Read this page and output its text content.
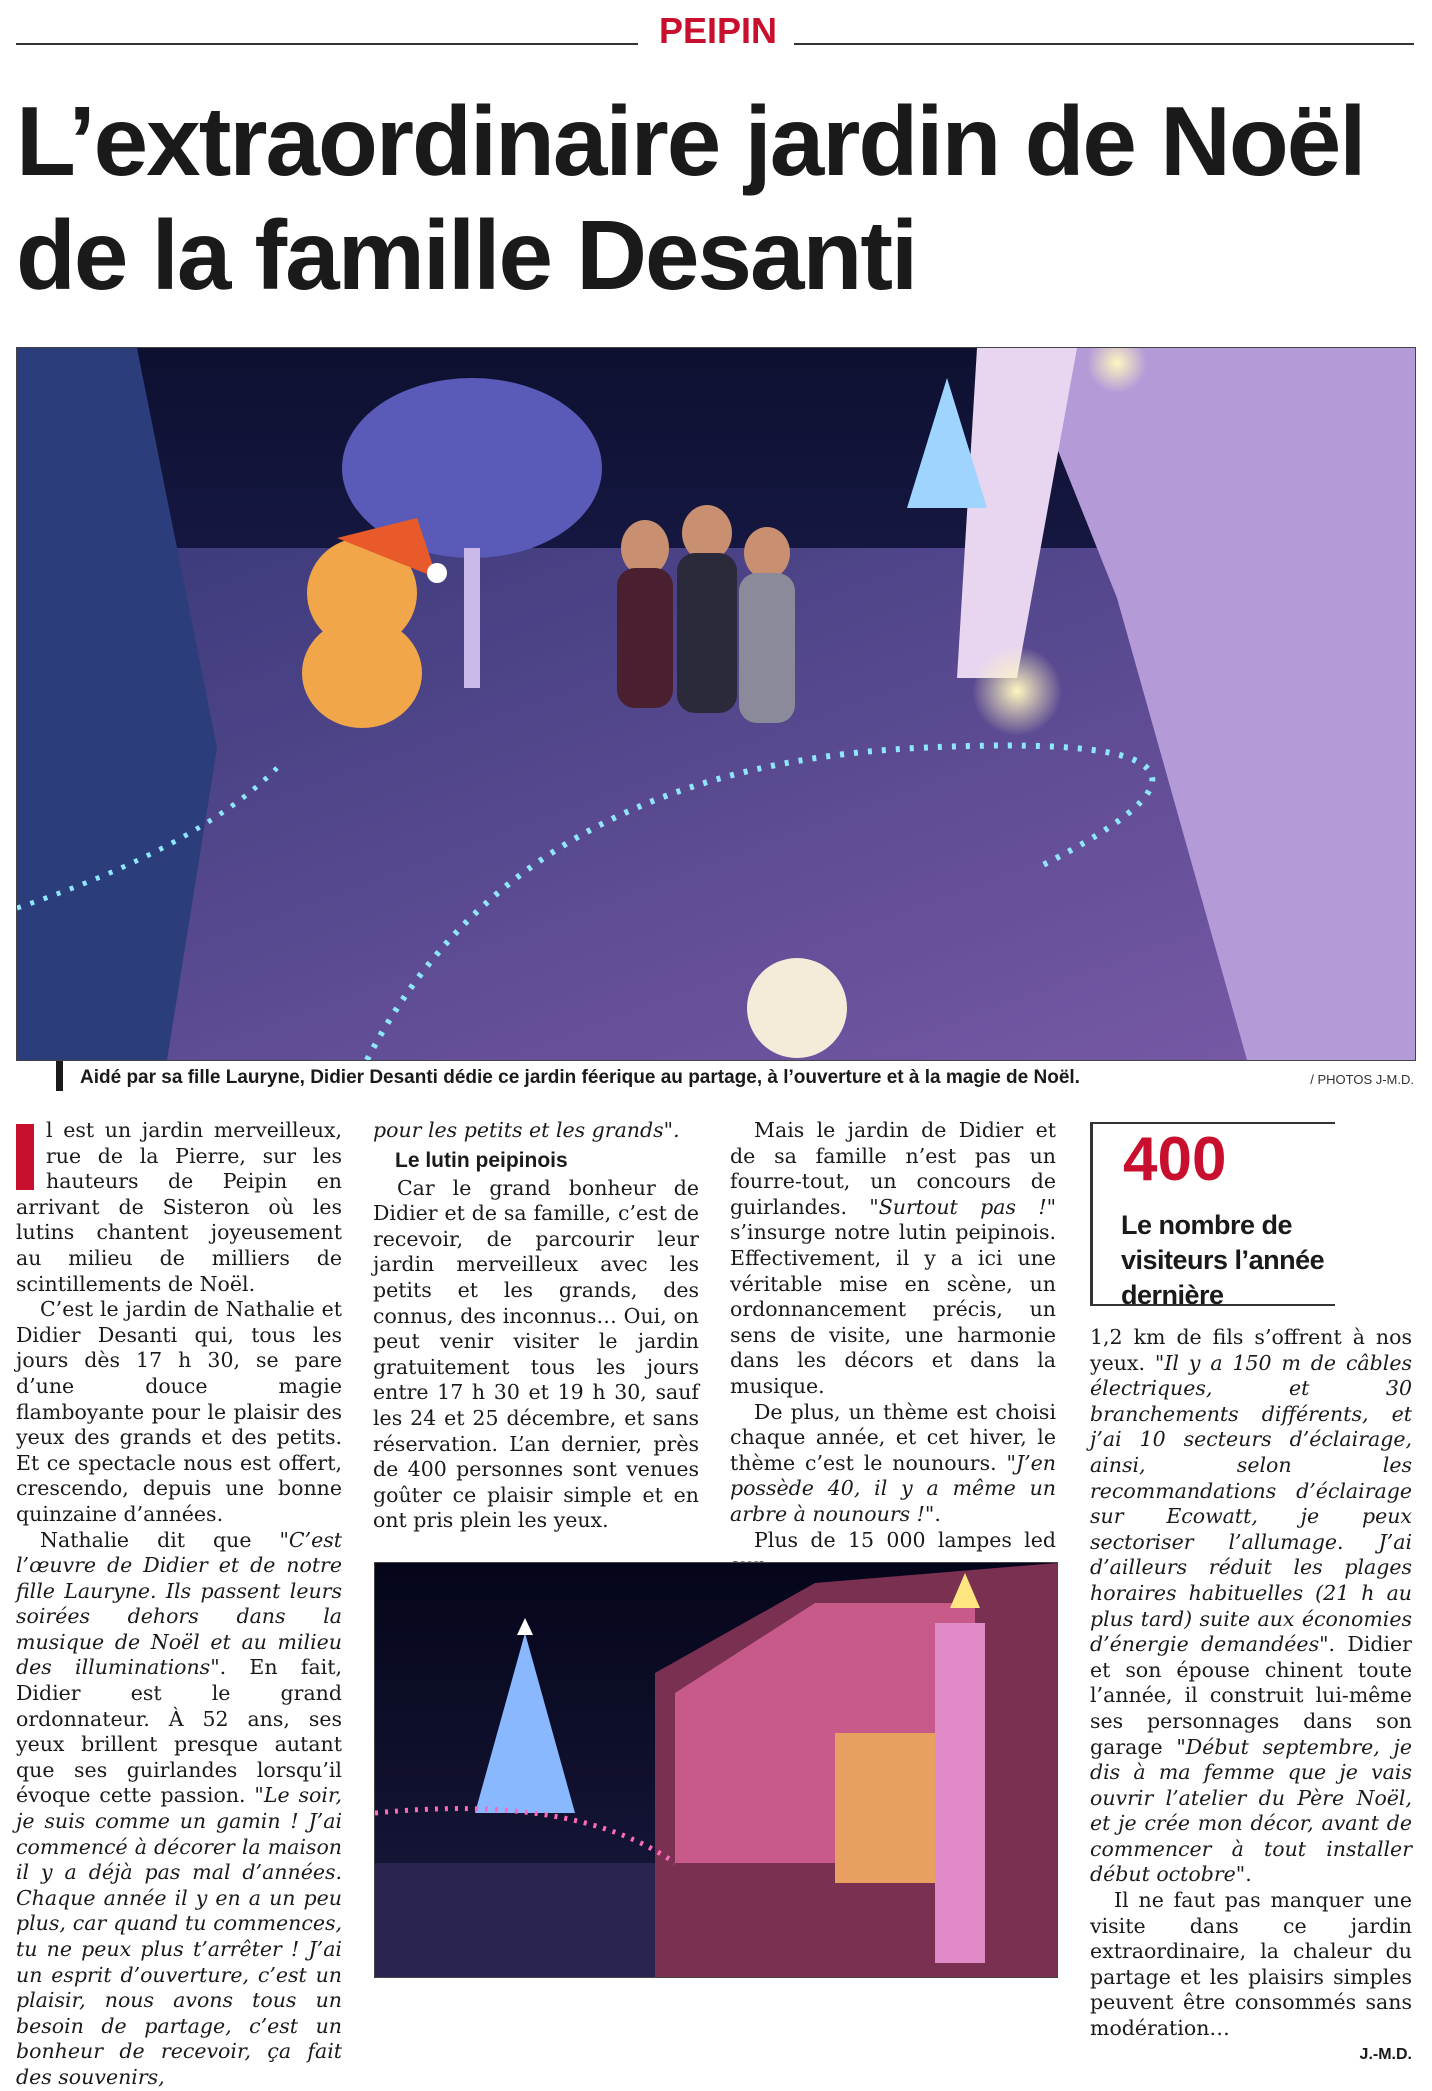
PEIPIN
L’extraordinaire jardin de Noël de la famille Desanti
Aidé par sa fille Lauryne, Didier Desanti dédie ce jardin féerique au partage, à l’ouverture et à la magie de Noël.	/ PHOTOS J-M.D.

l est un jardin merveilleux, rue de la Pierre, sur les hauteurs de Peipin en arrivant de Sisteron où les lutins chantent joyeusement au milieu de milliers de scintillements de Noël.

C’est le jardin de Nathalie et Didier Desanti qui, tous les jours dès 17 h 30, se pare d’une douce magie flamboyante pour le plaisir des yeux des grands et des petits. Et ce spectacle nous est offert, crescendo, depuis une bonne quinzaine d’années.

Nathalie dit que "C’est l’œuvre de Didier et de notre fille Lauryne. Ils passent leurs soirées dehors dans la musique de Noël et au milieu des illuminations". En fait, Didier est le grand ordonnateur. À 52 ans, ses yeux brillent presque autant que ses guirlandes lorsqu’il évoque cette passion. "Le soir, je suis comme un gamin ! J’ai commencé à décorer la maison il y a déjà pas mal d’années. Chaque année il y en a un peu plus, car quand tu commences, tu ne peux plus t’arrêter ! J’ai un esprit d’ouverture, c’est un plaisir, nous avons tous un besoin de partage, c’est un bonheur de recevoir, ça fait des souvenirs,

pour les petits et les grands".

Le lutin peipinois

Car le grand bonheur de Didier et de sa famille, c’est de recevoir, de parcourir leur jardin merveilleux avec les petits et les grands, des connus, des inconnus… Oui, on peut venir visiter le jardin gratuitement tous les jours entre 17 h 30 et 19 h 30, sauf les 24 et 25 décembre, et sans réservation. L’an dernier, près de 400 personnes sont venues goûter ce plaisir simple et en ont pris plein les yeux.

Mais le jardin de Didier et de sa famille n’est pas un fourre-tout, un concours de guirlandes. "Surtout pas !" s’insurge notre lutin peipinois. Effectivement, il y a ici une véritable mise en scène, un ordonnancement précis, un sens de visite, une harmonie dans les décors et dans la musique.

De plus, un thème est choisi chaque année, et cet hiver, le thème c’est le nounours. "J’en possède 40, il y a même un arbre à nounours !".

Plus de 15 000 lampes led

400
Le nombre de visiteurs l’année dernière

1,2 km de fils s’offrent à nos yeux. "Il y a 150 m de câbles électriques, et 30 branchements différents, et j’ai 10 secteurs d’éclairage, ainsi, selon les recommandations d’éclairage sur Ecowatt, je peux sectoriser l’allumage. J’ai d’ailleurs réduit les plages horaires habituelles (21 h au plus tard) suite aux économies d’énergie demandées". Didier et son épouse chinent toute l’année, il construit lui-même ses personnages dans son garage "Début septembre, je dis à ma femme que je vais ouvrir l’atelier du Père Noël, et je crée mon décor, avant de commencer à tout installer début octobre".

Il ne faut pas manquer une visite dans ce jardin extraordinaire, la chaleur du partage et les plaisirs simples peuvent être consommés sans modération…

J.-M.D.
